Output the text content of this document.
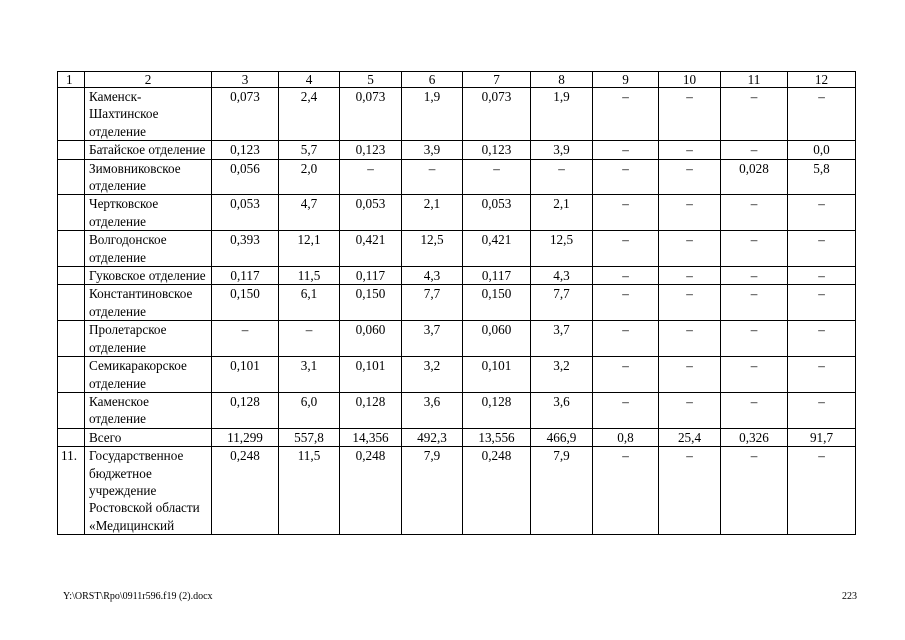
1	2	3	4	5	6	7	8	9	10	11	12
	Каменск-Шахтинское отделение	0,073	2,4	0,073	1,9	0,073	1,9	–	–	–	–
	Батайское отделение	0,123	5,7	0,123	3,9	0,123	3,9	–	–	–	0,0
	Зимовниковское отделение	0,056	2,0	–	–	–	–	–	–	0,028	5,8
	Чертковское отделение	0,053	4,7	0,053	2,1	0,053	2,1	–	–	–	–
	Волгодонское отделение	0,393	12,1	0,421	12,5	0,421	12,5	–	–	–	–
	Гуковское отделение	0,117	11,5	0,117	4,3	0,117	4,3	–	–	–	–
	Константиновское отделение	0,150	6,1	0,150	7,7	0,150	7,7	–	–	–	–
	Пролетарское отделение	–	–	0,060	3,7	0,060	3,7	–	–	–	–
	Семикаракорское отделение	0,101	3,1	0,101	3,2	0,101	3,2	–	–	–	–
	Каменское отделение	0,128	6,0	0,128	3,6	0,128	3,6	–	–	–	–
	Всего	11,299	557,8	14,356	492,3	13,556	466,9	0,8	25,4	0,326	91,7
11.	Государственное бюджетное учреждение Ростовской области «Медицинский	0,248	11,5	0,248	7,9	0,248	7,9	–	–	–	–
Y:\ORST\Rpo\0911r596.f19 (2).docx	223
